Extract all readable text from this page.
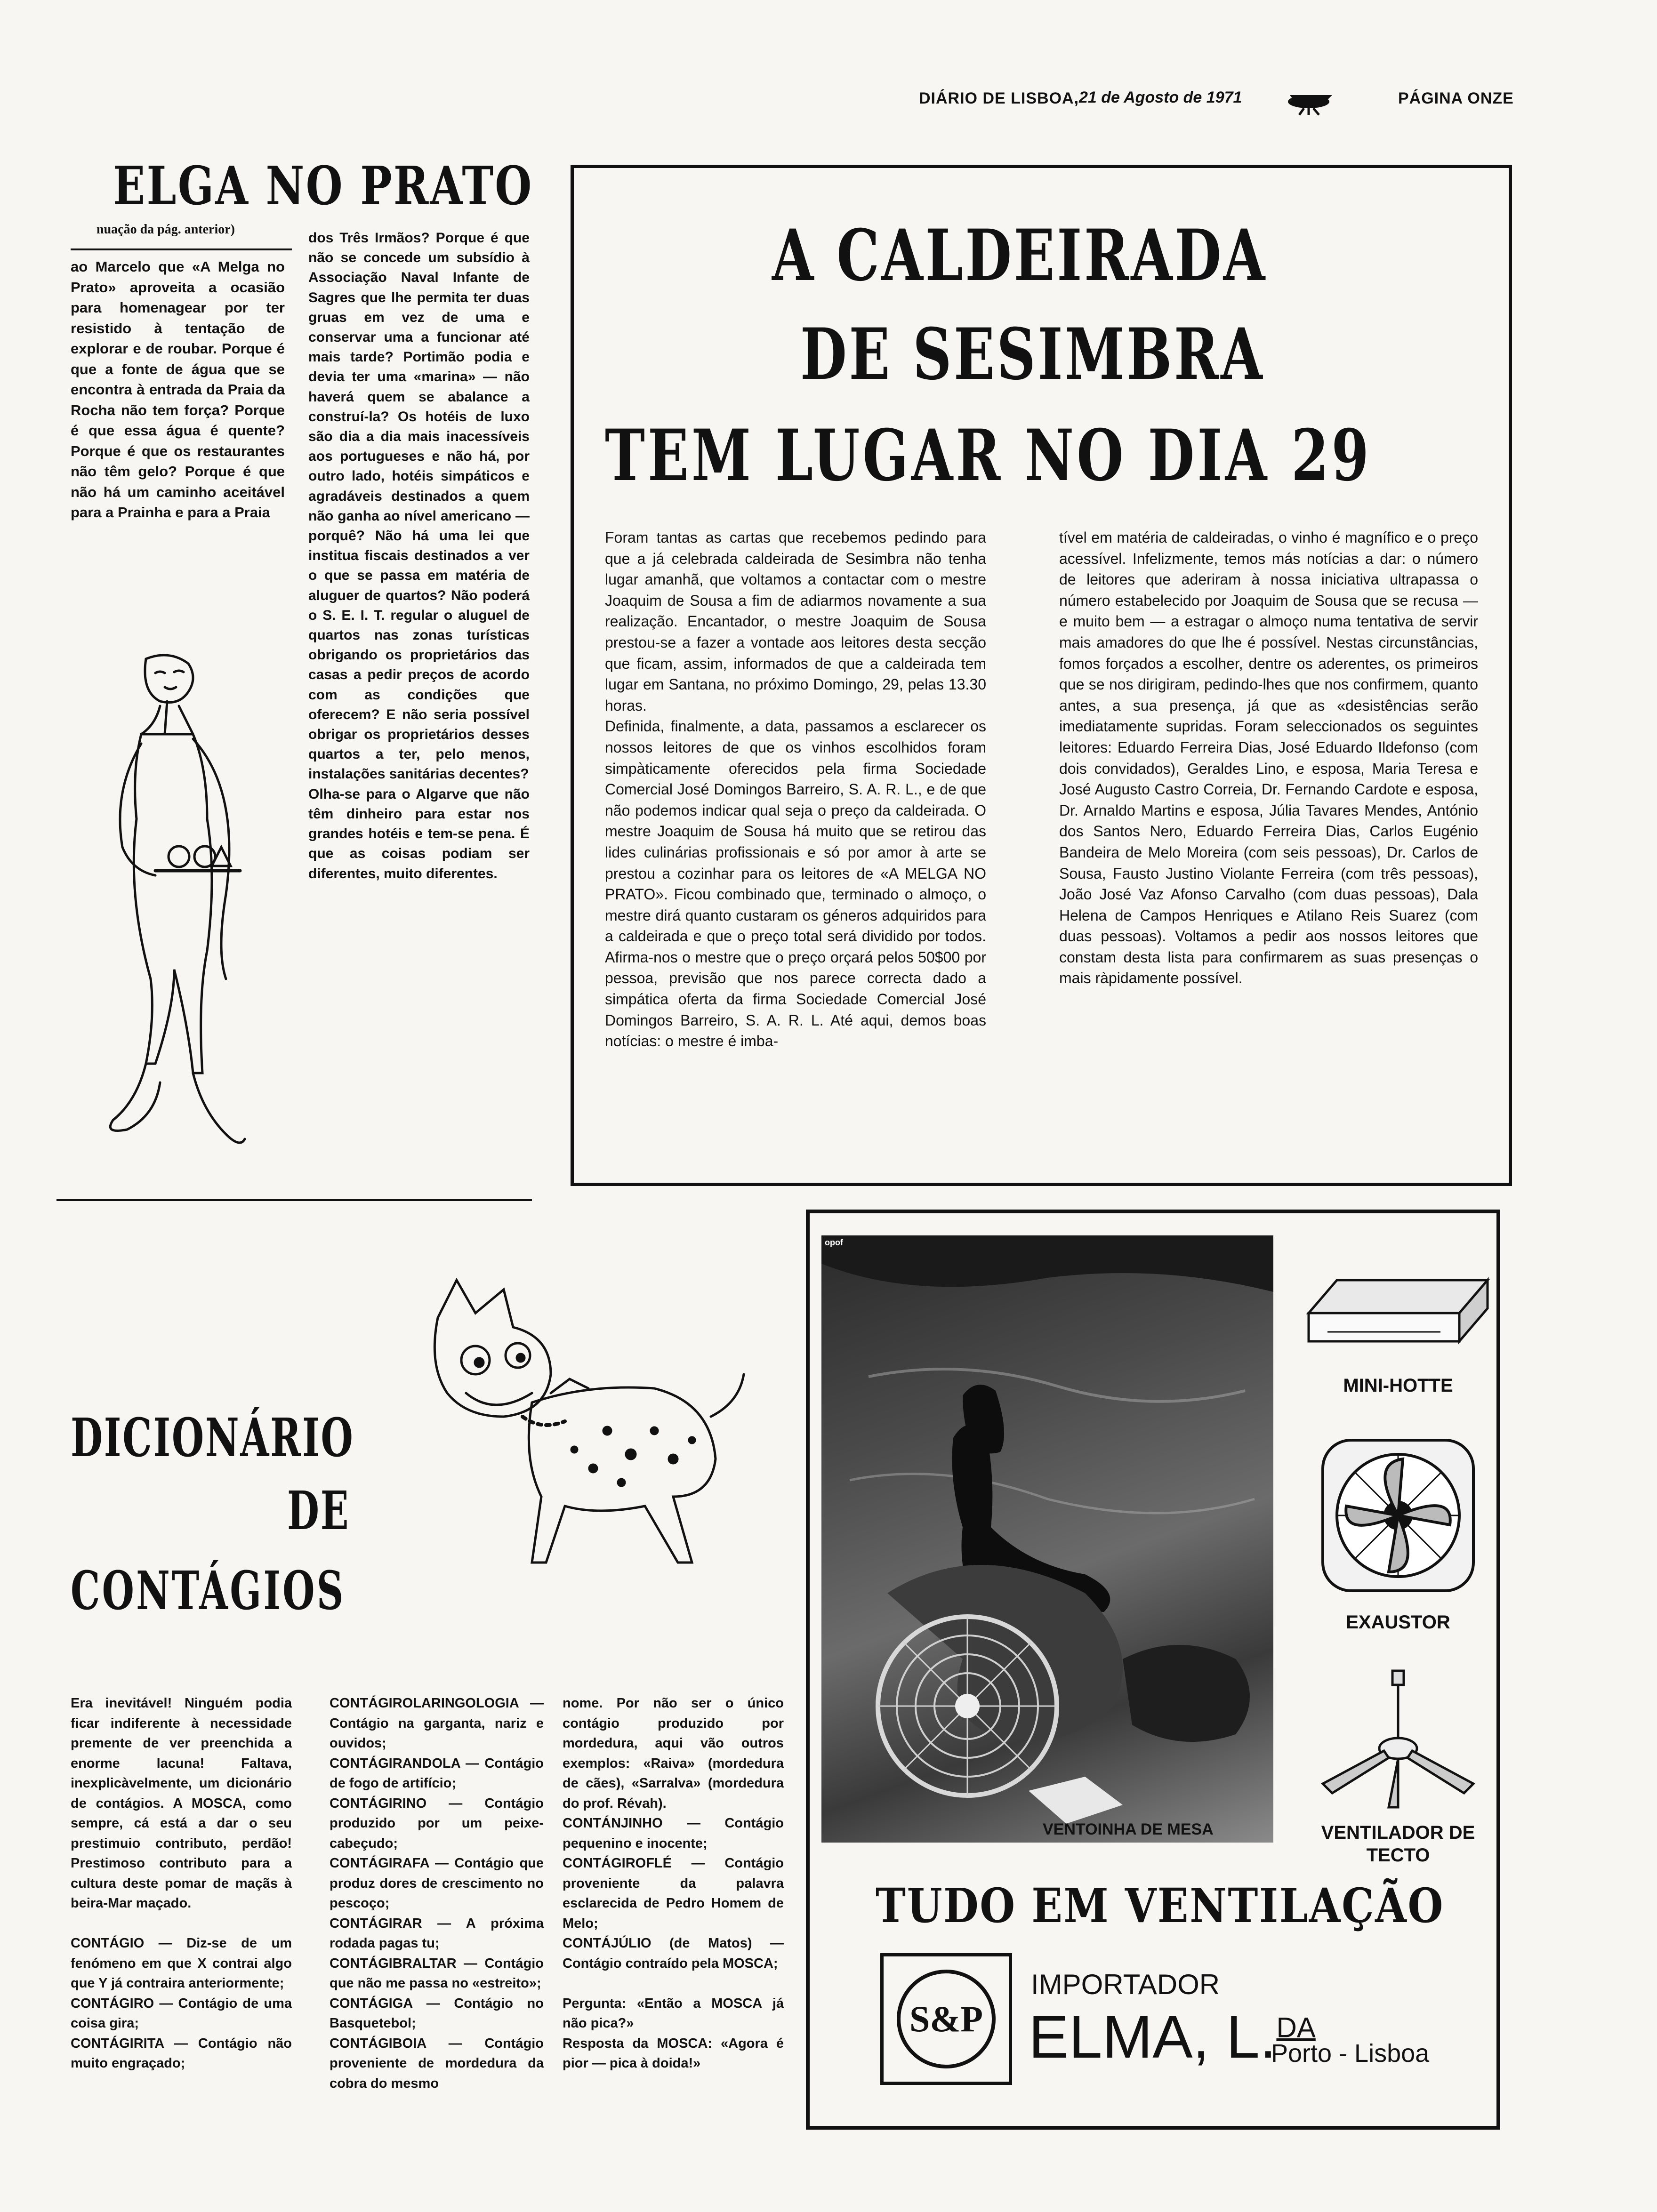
DIÁRIO DE LISBOA, 21 de Agosto de 1971	PÁGINA ONZE
ELGA NO PRATO
nuação da pág. anterior)

ao Marcelo que «A Melga no Prato» aproveita a ocasião para homenagear por ter resistido à tentação de explorar e de roubar. Porque é que a fonte de água que se encontra à entrada da Praia da Rocha não tem força? Porque é que essa água é quente? Porque é que os restaurantes não têm gelo? Porque é que não há um caminho aceitável para a Prainha e para a Praia

dos Três Irmãos? Porque é que não se concede um subsídio à Associação Naval Infante de Sagres que lhe permita ter duas gruas em vez de uma e conservar uma a funcionar até mais tarde? Portimão podia e devia ter uma «marina» — não haverá quem se abalance a construí-la? Os hotéis de luxo são dia a dia mais inacessíveis aos portugueses e não há, por outro lado, hotéis simpáticos e agradáveis destinados a quem não ganha ao nível americano — porquê? Não há uma lei que institua fiscais destinados a ver o que se passa em matéria de aluguer de quartos? Não poderá o S. E. I. T. regular o aluguel de quartos nas zonas turísticas obrigando os proprietários das casas a pedir preços de acordo com as condições que oferecem? E não seria possível obrigar os proprietários desses quartos a ter, pelo menos, instalações sanitárias decentes?
Olha-se para o Algarve que não têm dinheiro para estar nos grandes hotéis e tem-se pena. É que as coisas podiam ser diferentes, muito diferentes.

A CALDEIRADA
DE SESIMBRA
TEM LUGAR NO DIA 29

Foram tantas as cartas que recebemos pedindo para que a já celebrada caldeirada de Sesimbra não tenha lugar amanhã, que voltamos a contactar com o mestre Joaquim de Sousa a fim de adiarmos novamente a sua realização. Encantador, o mestre Joaquim de Sousa prestou-se a fazer a vontade aos leitores desta secção que ficam, assim, informados de que a caldeirada tem lugar em Santana, no próximo Domingo, 29, pelas 13.30 horas.
Definida, finalmente, a data, passamos a esclarecer os nossos leitores de que os vinhos escolhidos foram simpàticamente oferecidos pela firma Sociedade Comercial José Domingos Barreiro, S. A. R. L., e de que não podemos indicar qual seja o preço da caldeirada. O mestre Joaquim de Sousa há muito que se retirou das lides culinárias profissionais e só por amor à arte se prestou a cozinhar para os leitores de «A MELGA NO PRATO». Ficou combinado que, terminado o almoço, o mestre dirá quanto custaram os géneros adquiridos para a caldeirada e que o preço total será dividido por todos. Afirma-nos o mestre que o preço orçará pelos 50$00 por pessoa, previsão que nos parece correcta dado a simpática oferta da firma Sociedade Comercial José Domingos Barreiro, S. A. R. L. Até aqui, demos boas notícias: o mestre é imba-

tível em matéria de caldeiradas, o vinho é magnífico e o preço acessível. Infelizmente, temos más notícias a dar: o número de leitores que aderiram à nossa iniciativa ultrapassa o número estabelecido por Joaquim de Sousa que se recusa — e muito bem — a estragar o almoço numa tentativa de servir mais amadores do que lhe é possível. Nestas circunstâncias, fomos forçados a escolher, dentre os aderentes, os primeiros que se nos dirigiram, pedindo-lhes que nos confirmem, quanto antes, a sua presença, já que as «desistências serão imediatamente supridas. Foram seleccionados os seguintes leitores: Eduardo Ferreira Dias, José Eduardo Ildefonso (com dois convidados), Geraldes Lino, e esposa, Maria Teresa e José Augusto Castro Correia, Dr. Fernando Cardote e esposa, Dr. Arnaldo Martins e esposa, Júlia Tavares Mendes, António dos Santos Nero, Eduardo Ferreira Dias, Carlos Eugénio Bandeira de Melo Moreira (com seis pessoas), Dr. Carlos de Sousa, Fausto Justino Violante Ferreira (com três pessoas), João José Vaz Afonso Carvalho (com duas pessoas), Dala Helena de Campos Henriques e Atilano Reis Suarez (com duas pessoas). Voltamos a pedir aos nossos leitores que constam desta lista para confirmarem as suas presenças o mais ràpidamente possível.

DICIONÁRIO
DE
CONTÁGIOS

Era inevitável! Ninguém podia ficar indiferente à necessidade premente de ver preenchida a enorme lacuna! Faltava, inexplicàvelmente, um dicionário de contágios. A MOSCA, como sempre, cá está a dar o seu prestimuio contributo, perdão! Prestimoso contributo para a cultura deste pomar de maçãs à beira-Mar maçado.

CONTÁGIO — Diz-se de um fenómeno em que X contrai algo que Y já contraira anteriormente;
CONTÁGIRO — Contágio de uma coisa gira;
CONTÁGIRITA — Contágio não muito engraçado;

CONTÁGIROLARINGOLOGIA — Contágio na garganta, nariz e ouvidos;
CONTÁGIRANDOLA — Contágio de fogo de artifício;
CONTÁGIRINO — Contágio produzido por um peixe-cabeçudo;
CONTÁGIRAFA — Contágio que produz dores de crescimento no pescoço;
CONTÁGIRAR — A próxima rodada pagas tu;
CONTÁGIBRALTAR — Contágio que não me passa no «estreito»;
CONTÁGIGA — Contágio no Basquetebol;
CONTÁGIBOIA — Contágio proveniente de mordedura da cobra do mesmo

nome. Por não ser o único contágio produzido por mordedura, aqui vão outros exemplos: «Raiva» (mordedura de cães), «Sarralva» (mordedura do prof. Révah).
CONTÁNJINHO — Contágio pequenino e inocente;
CONTÁGIROFLÉ — Contágio proveniente da palavra esclarecida de Pedro Homem de Melo;
CONTÁJÚLIO (de Matos) — Contágio contraído pela MOSCA;

Pergunta: «Então a MOSCA já não pica?»
Resposta da MOSCA: «Agora é pior — pica à doida!»

opof
VENTOINHA DE MESA
MINI-HOTTE
EXAUSTOR
VENTILADOR DE TECTO
TUDO EM VENTILAÇÃO
S&P
IMPORTADOR
ELMA, L.$^{DA}$
Porto - Lisboa
